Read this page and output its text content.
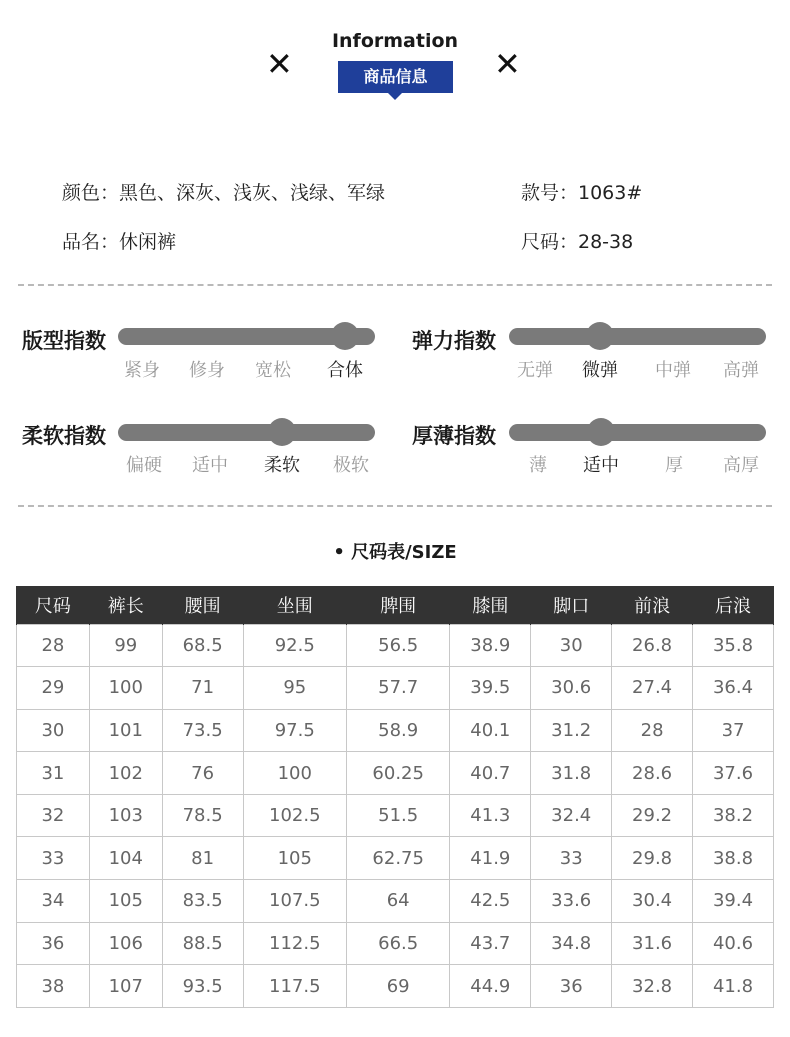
Information
✕	✕
商品信息
颜色：黑色、深灰、浅灰、浅绿、军绿	款号：1063#
品名：休闲裤	尺码：28-38
版型指数
紧身 修身 宽松 合体
弹力指数
无弹 微弹 中弹 高弹
柔软指数
偏硬 适中 柔软 极软
厚薄指数
薄 适中	厚 高厚
• 尺码表/SIZE
尺码	裤长	腰围	坐围	脾围	膝围	脚口	前浪	后浪
28	99	68.5	92.5	56.5	38.9	30	26.8	35.8
29	100	71	95	57.7	39.5	30.6	27.4	36.4
30	101	73.5	97.5	58.9	40.1	31.2	28	37
31	102	76	100	60.25	40.7	31.8	28.6	37.6
32	103	78.5	102.5	51.5	41.3	32.4	29.2	38.2
33	104	81	105	62.75	41.9	33	29.8	38.8
34	105	83.5	107.5	64	42.5	33.6	30.4	39.4
36	106	88.5	112.5	66.5	43.7	34.8	31.6	40.6
38	107	93.5	117.5	69	44.9	36	32.8	41.8
